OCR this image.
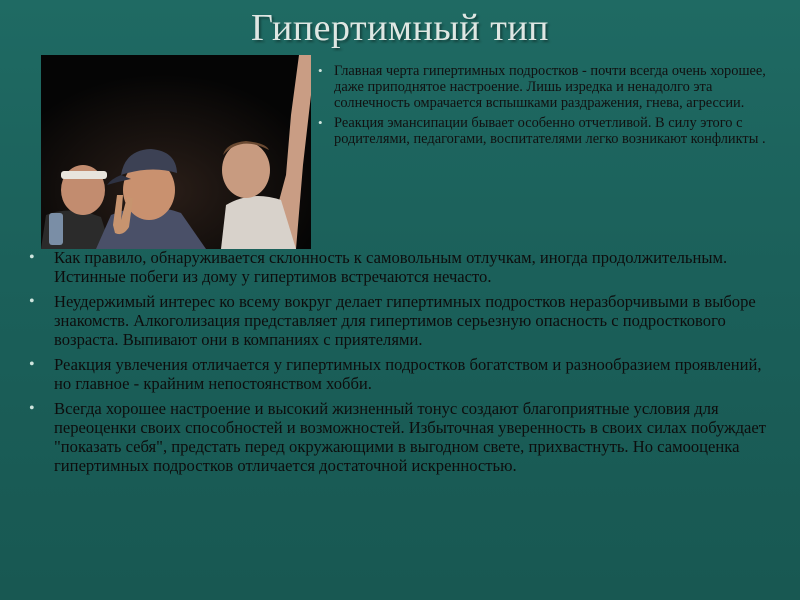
Гипертимный тип
• Главная черта гипертимных подростков - почти всегда очень хорошее, даже приподнятое настроение. Лишь изредка и ненадолго эта солнечность омрачается вспышками раздражения, гнева, агрессии.
• Реакция эмансипации бывает особенно отчетливой. В силу этого с родителями, педагогами, воспитателями легко возникают конфликты .
• Как правило, обнаруживается склонность к самовольным отлучкам, иногда продолжительным. Истинные побеги из дому у гипертимов встречаются нечасто.
• Неудержимый интерес ко всему вокруг делает гипертимных подростков неразборчивыми в выборе знакомств. Алкоголизация представляет для гипертимов серьезную опасность с подросткового возраста. Выпивают они в компаниях с приятелями.
• Реакция увлечения отличается у гипертимных подростков богатством и разнообразием проявлений, но главное - крайним непостоянством хобби.
• Всегда хорошее настроение и высокий жизненный тонус создают благоприятные условия для переоценки своих способностей и возможностей. Избыточная уверенность в своих силах побуждает "показать себя", предстать перед окружающими в выгодном свете, прихвастнуть. Но самооценка гипертимных подростков отличается достаточной искренностью.
